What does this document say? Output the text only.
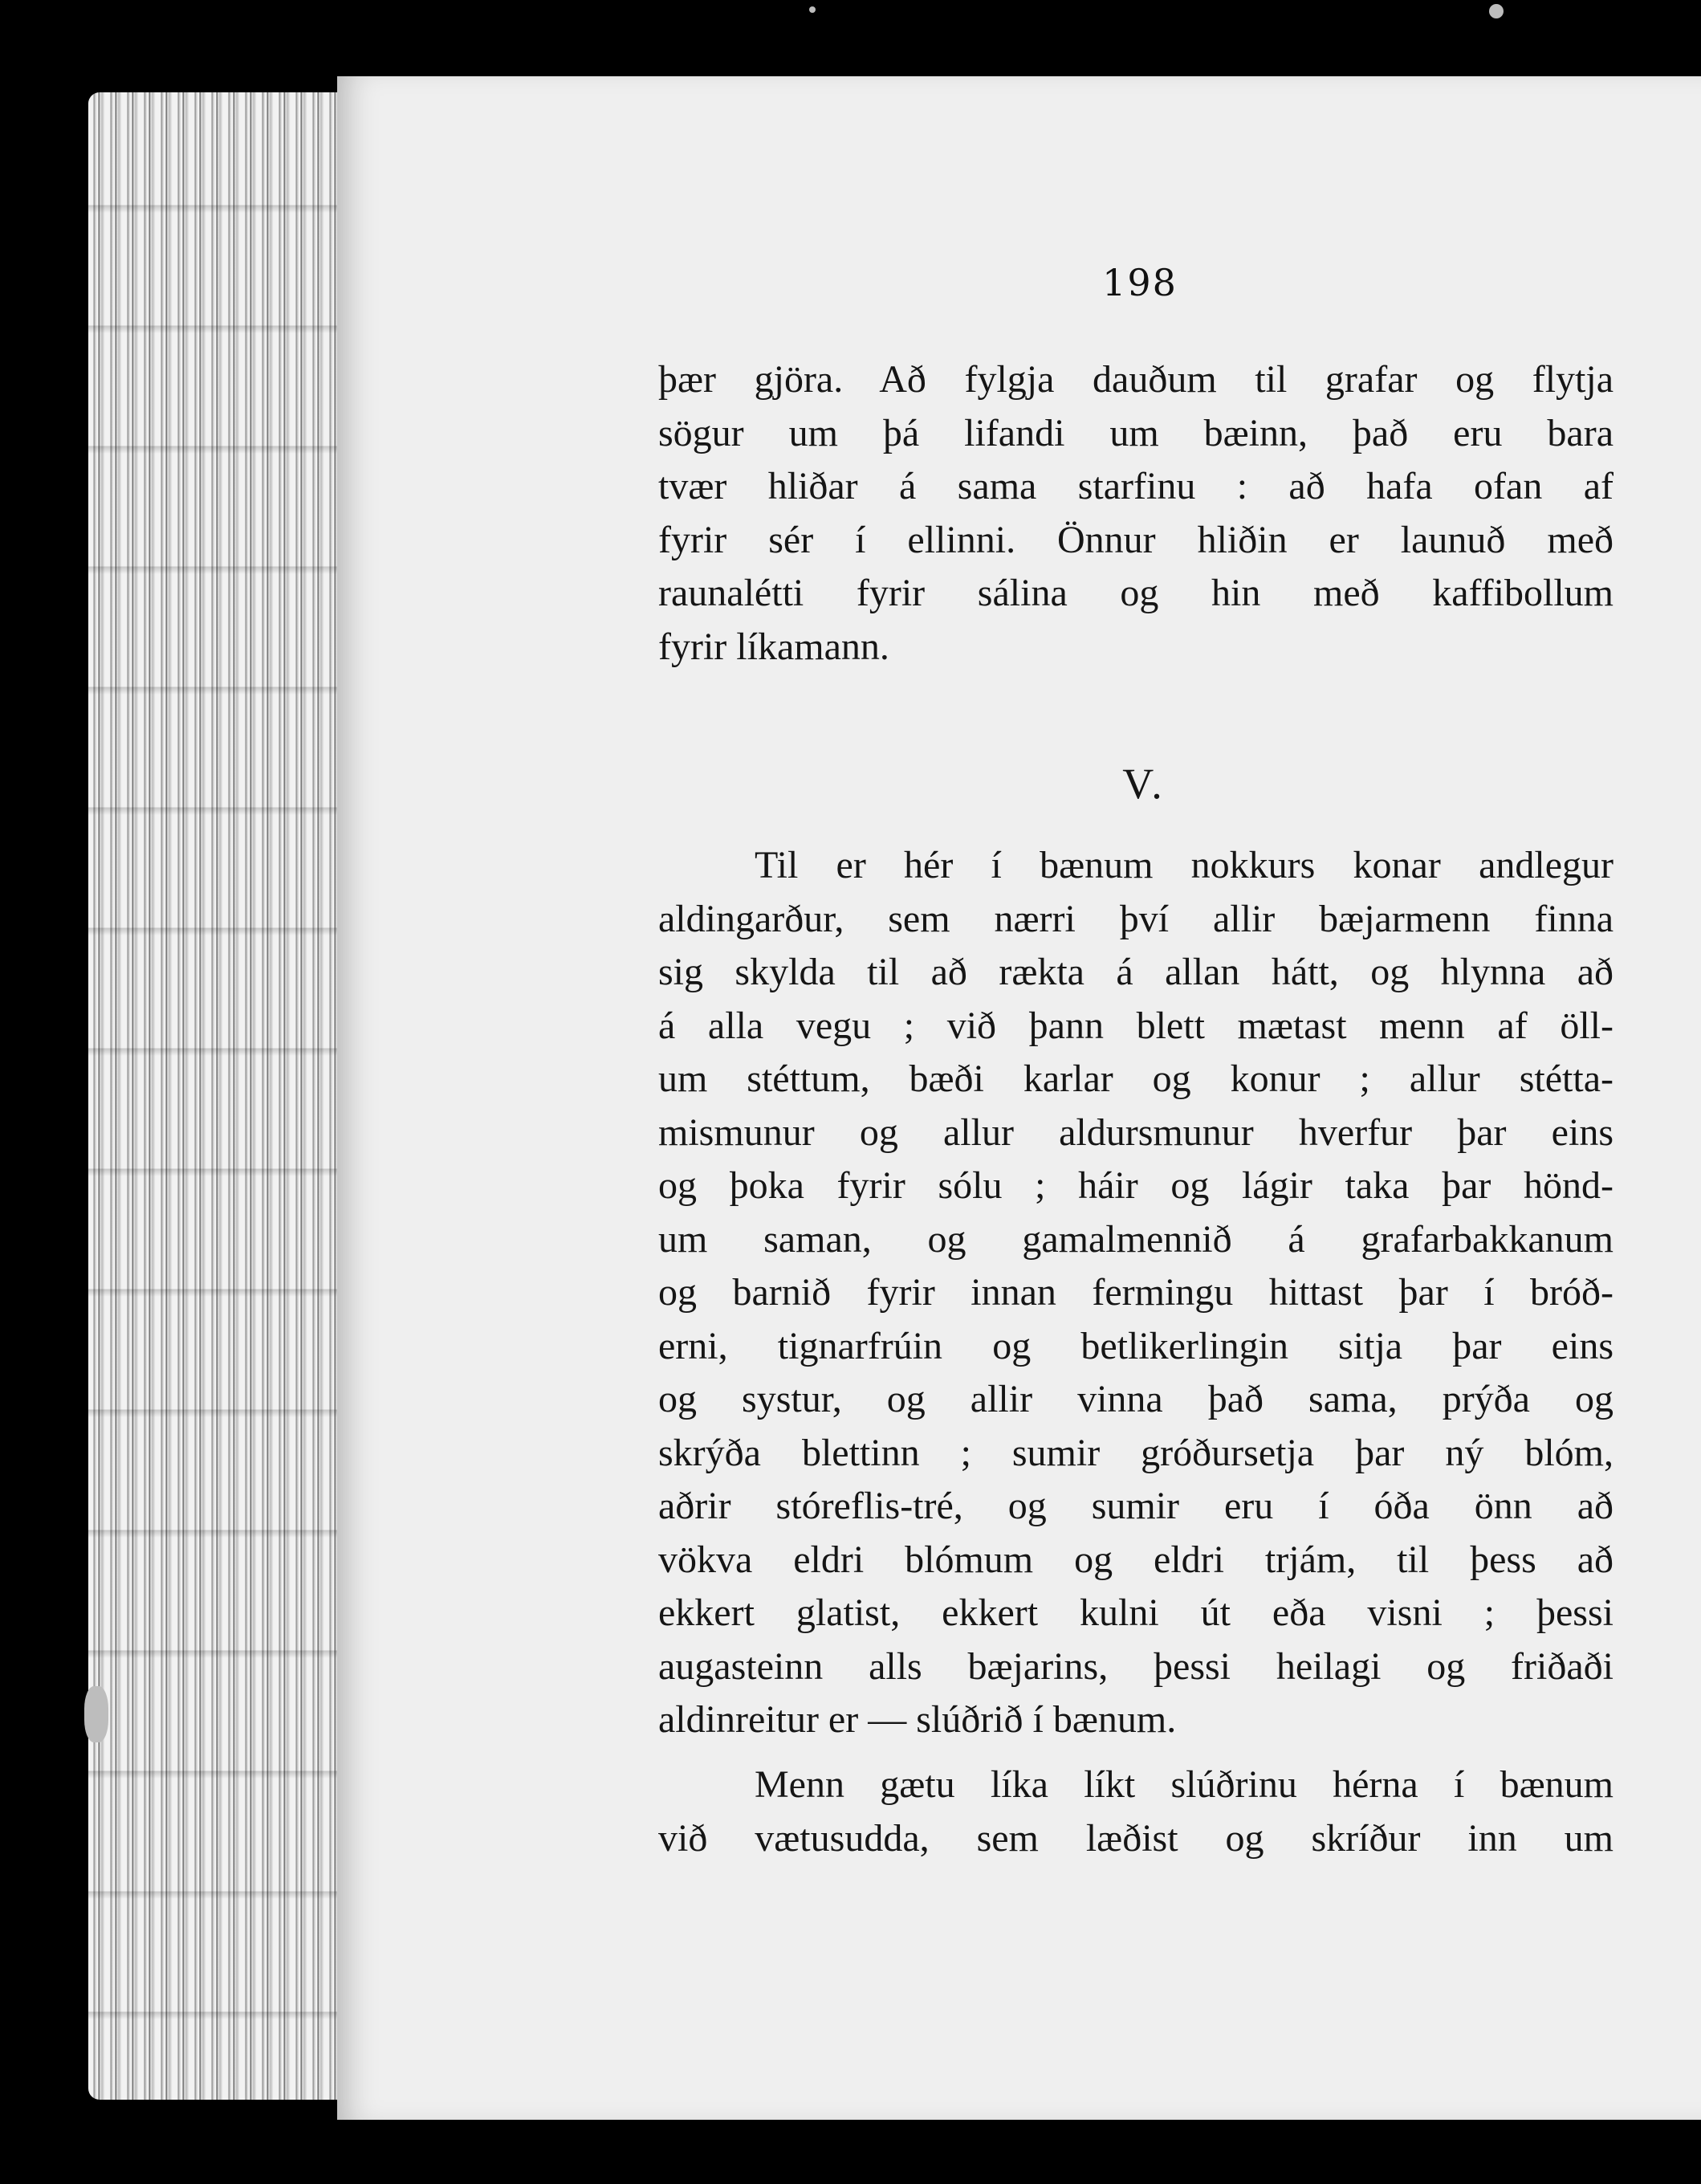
198
þær gjöra. Að fylgja dauðum til grafar og flytja
sögur um þá lifandi um bæinn, það eru bara
tvær hliðar á sama starfinu : að hafa ofan af
fyrir sér í ellinni. Önnur hliðin er launuð með
raunalétti fyrir sálina og hin með kaffibollum
fyrir líkamann.
V.
Til er hér í bænum nokkurs konar andlegur
aldingarður, sem nærri því allir bæjarmenn finna
sig skylda til að rækta á allan hátt, og hlynna að
á alla vegu ; við þann blett mætast menn af öll-
um stéttum, bæði karlar og konur ; allur stétta-
mismunur og allur aldursmunur hverfur þar eins
og þoka fyrir sólu ; háir og lágir taka þar hönd-
um saman, og gamalmennið á grafarbakkanum
og barnið fyrir innan fermingu hittast þar í bróð-
erni, tignarfrúin og betlikerlingin sitja þar eins
og systur, og allir vinna það sama, prýða og
skrýða blettinn ; sumir gróðursetja þar ný blóm,
aðrir stóreflis-tré, og sumir eru í óða önn að
vökva eldri blómum og eldri trjám, til þess að
ekkert glatist, ekkert kulni út eða visni ; þessi
augasteinn alls bæjarins, þessi heilagi og friðaði
aldinreitur er — slúðrið í bænum.
Menn gætu líka líkt slúðrinu hérna í bænum
við vætusudda, sem læðist og skríður inn um
